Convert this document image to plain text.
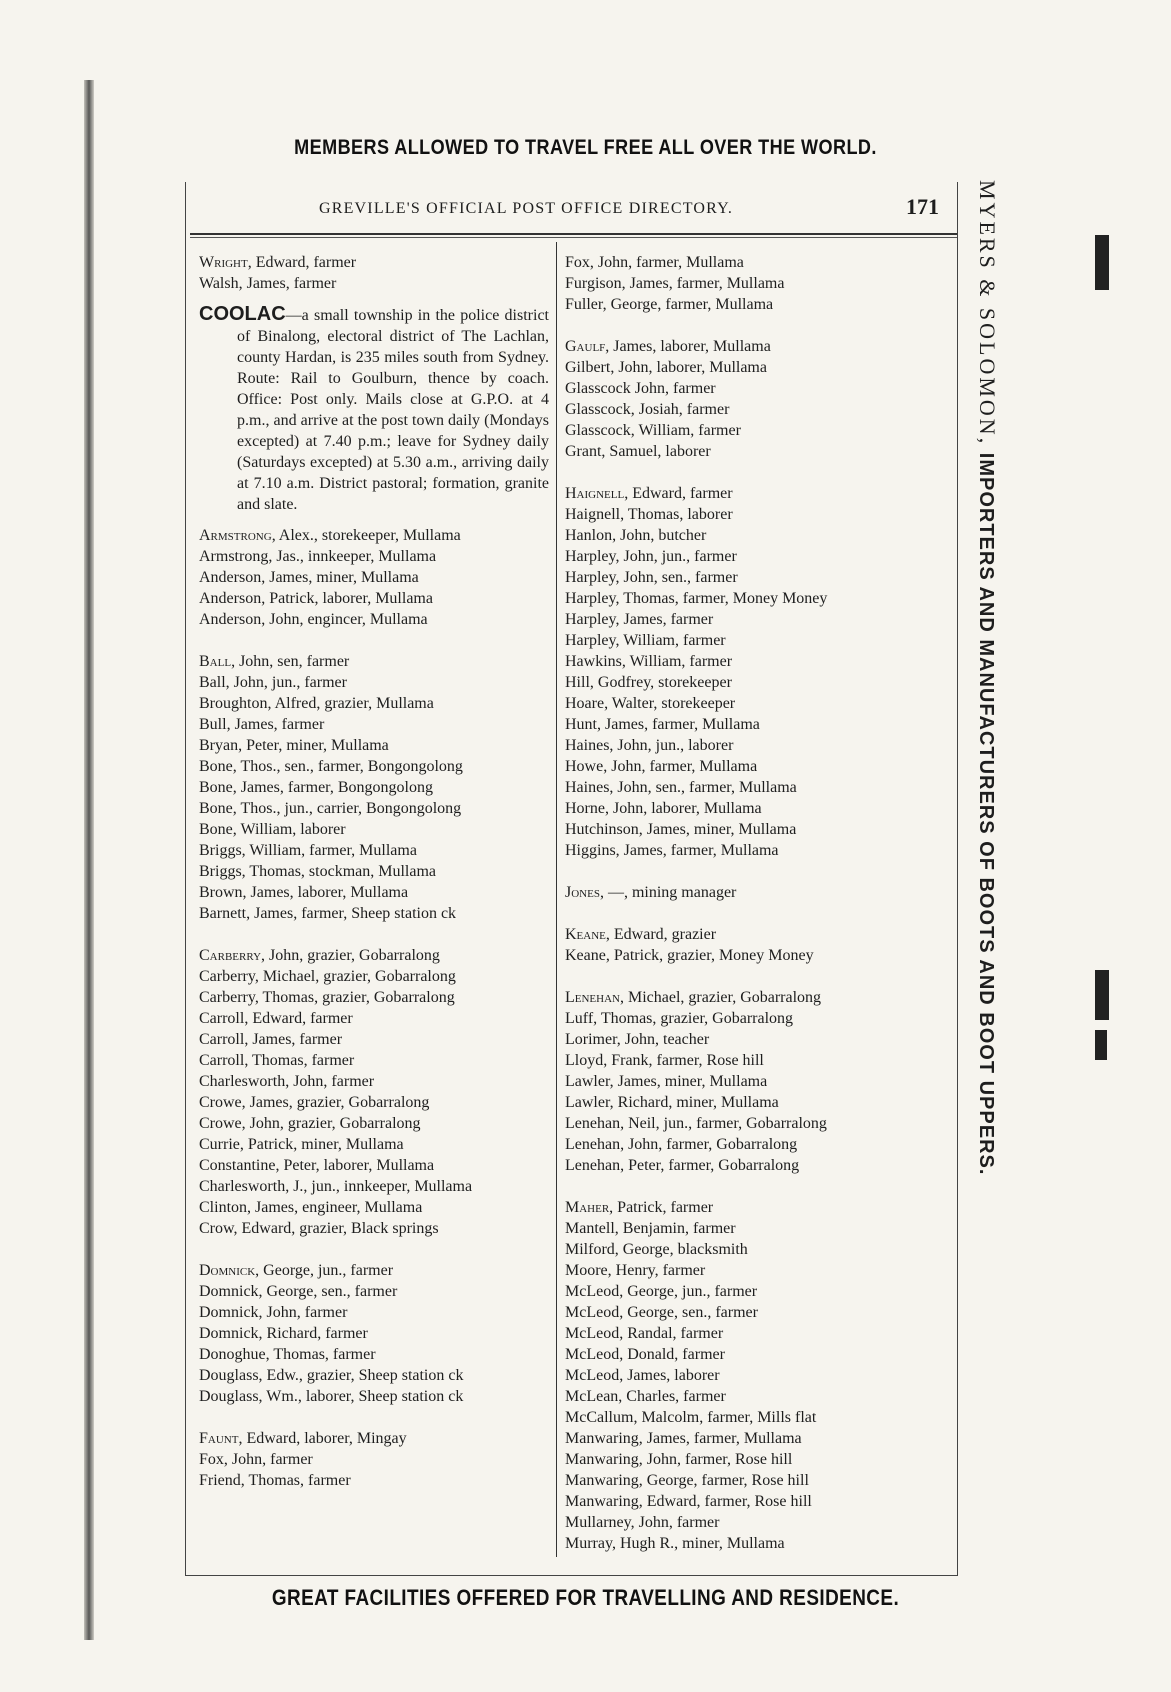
MEMBERS ALLOWED TO TRAVEL FREE ALL OVER THE WORLD.
GREVILLE'S OFFICIAL POST OFFICE DIRECTORY.	171
Wright, Edward, farmer
Walsh, James, farmer
COOLAC—a small township in the police district of Binalong, electoral district of The Lachlan, county Hardan, is 235 miles south from Sydney. Route: Rail to Goulburn, thence by coach. Office: Post only. Mails close at G.P.O. at 4 p.m., and arrive at the post town daily (Mondays excepted) at 7.40 p.m.; leave for Sydney daily (Saturdays excepted) at 5.30 a.m., arriving daily at 7.10 a.m. District pastoral; formation, granite and slate.
Armstrong, Alex., storekeeper, Mullama
Armstrong, Jas., innkeeper, Mullama
Anderson, James, miner, Mullama
Anderson, Patrick, laborer, Mullama
Anderson, John, engincer, Mullama
Ball, John, sen, farmer
Ball, John, jun., farmer
Broughton, Alfred, grazier, Mullama
Bull, James, farmer
Bryan, Peter, miner, Mullama
Bone, Thos., sen., farmer, Bongongolong
Bone, James, farmer, Bongongolong
Bone, Thos., jun., carrier, Bongongolong
Bone, William, laborer
Briggs, William, farmer, Mullama
Briggs, Thomas, stockman, Mullama
Brown, James, laborer, Mullama
Barnett, James, farmer, Sheep station ck
Carberry, John, grazier, Gobarralong
Carberry, Michael, grazier, Gobarralong
Carberry, Thomas, grazier, Gobarralong
Carroll, Edward, farmer
Carroll, James, farmer
Carroll, Thomas, farmer
Charlesworth, John, farmer
Crowe, James, grazier, Gobarralong
Crowe, John, grazier, Gobarralong
Currie, Patrick, miner, Mullama
Constantine, Peter, laborer, Mullama
Charlesworth, J., jun., innkeeper, Mullama
Clinton, James, engineer, Mullama
Crow, Edward, grazier, Black springs
Domnick, George, jun., farmer
Domnick, George, sen., farmer
Domnick, John, farmer
Domnick, Richard, farmer
Donoghue, Thomas, farmer
Douglass, Edw., grazier, Sheep station ck
Douglass, Wm., laborer, Sheep station ck
Faunt, Edward, laborer, Mingay
Fox, John, farmer
Friend, Thomas, farmer
Fox, John, farmer, Mullama
Furgison, James, farmer, Mullama
Fuller, George, farmer, Mullama
Gaulf, James, laborer, Mullama
Gilbert, John, laborer, Mullama
Glasscock John, farmer
Glasscock, Josiah, farmer
Glasscock, William, farmer
Grant, Samuel, laborer
Haignell, Edward, farmer
Haignell, Thomas, laborer
Hanlon, John, butcher
Harpley, John, jun., farmer
Harpley, John, sen., farmer
Harpley, Thomas, farmer, Money Money
Harpley, James, farmer
Harpley, William, farmer
Hawkins, William, farmer
Hill, Godfrey, storekeeper
Hoare, Walter, storekeeper
Hunt, James, farmer, Mullama
Haines, John, jun., laborer
Howe, John, farmer, Mullama
Haines, John, sen., farmer, Mullama
Horne, John, laborer, Mullama
Hutchinson, James, miner, Mullama
Higgins, James, farmer, Mullama
Jones, —, mining manager
Keane, Edward, grazier
Keane, Patrick, grazier, Money Money
Lenehan, Michael, grazier, Gobarralong
Luff, Thomas, grazier, Gobarralong
Lorimer, John, teacher
Lloyd, Frank, farmer, Rose hill
Lawler, James, miner, Mullama
Lawler, Richard, miner, Mullama
Lenehan, Neil, jun., farmer, Gobarralong
Lenehan, John, farmer, Gobarralong
Lenehan, Peter, farmer, Gobarralong
Maher, Patrick, farmer
Mantell, Benjamin, farmer
Milford, George, blacksmith
Moore, Henry, farmer
McLeod, George, jun., farmer
McLeod, George, sen., farmer
McLeod, Randal, farmer
McLeod, Donald, farmer
McLeod, James, laborer
McLean, Charles, farmer
McCallum, Malcolm, farmer, Mills flat
Manwaring, James, farmer, Mullama
Manwaring, John, farmer, Rose hill
Manwaring, George, farmer, Rose hill
Manwaring, Edward, farmer, Rose hill
Mullarney, John, farmer
Murray, Hugh R., miner, Mullama
MYERS & SOLOMON, IMPORTERS AND MANUFACTURERS OF BOOTS AND BOOT UPPERS.
GREAT FACILITIES OFFERED FOR TRAVELLING AND RESIDENCE.
